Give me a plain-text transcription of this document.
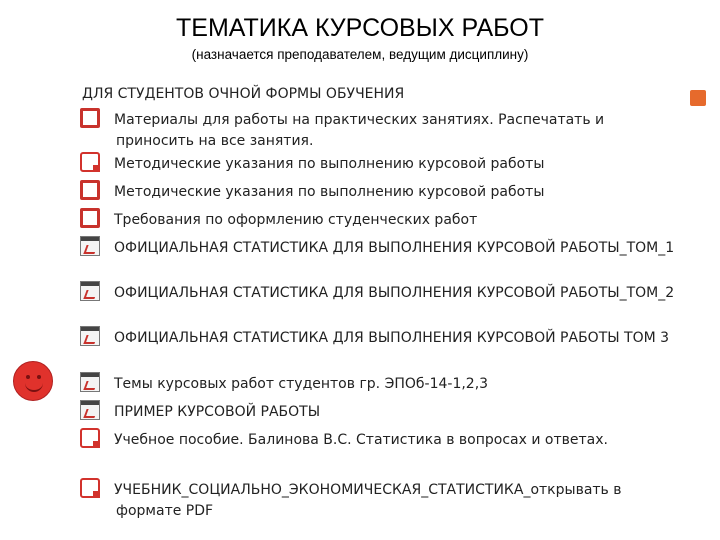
ТЕМАТИКА КУРСОВЫХ РАБОТ
(назначается преподавателем, ведущим дисциплину)
ДЛЯ СТУДЕНТОВ ОЧНОЙ ФОРМЫ ОБУЧЕНИЯ
WМатериалы для работы на практических занятиях. Распечатать и приносить на все занятия.
Методические указания по выполнению курсовой работы
WМетодические указания по выполнению курсовой работы
WТребования по оформлению студенческих работ
ОФИЦИАЛЬНАЯ СТАТИСТИКА ДЛЯ ВЫПОЛНЕНИЯ КУРСОВОЙ РАБОТЫ_ТОМ_1
ОФИЦИАЛЬНАЯ СТАТИСТИКА ДЛЯ ВЫПОЛНЕНИЯ КУРСОВОЙ РАБОТЫ_ТОМ_2
ОФИЦИАЛЬНАЯ СТАТИСТИКА ДЛЯ ВЫПОЛНЕНИЯ КУРСОВОЙ РАБОТЫ ТОМ 3
Темы курсовых работ студентов гр. ЭПОб-14-1,2,3
ПРИМЕР КУРСОВОЙ РАБОТЫ
Учебное пособие. Балинова В.С. Статистика в вопросах и ответах.
УЧЕБНИК_СОЦИАЛЬНО_ЭКОНОМИЧЕСКАЯ_СТАТИСТИКА_открывать в формате PDF
